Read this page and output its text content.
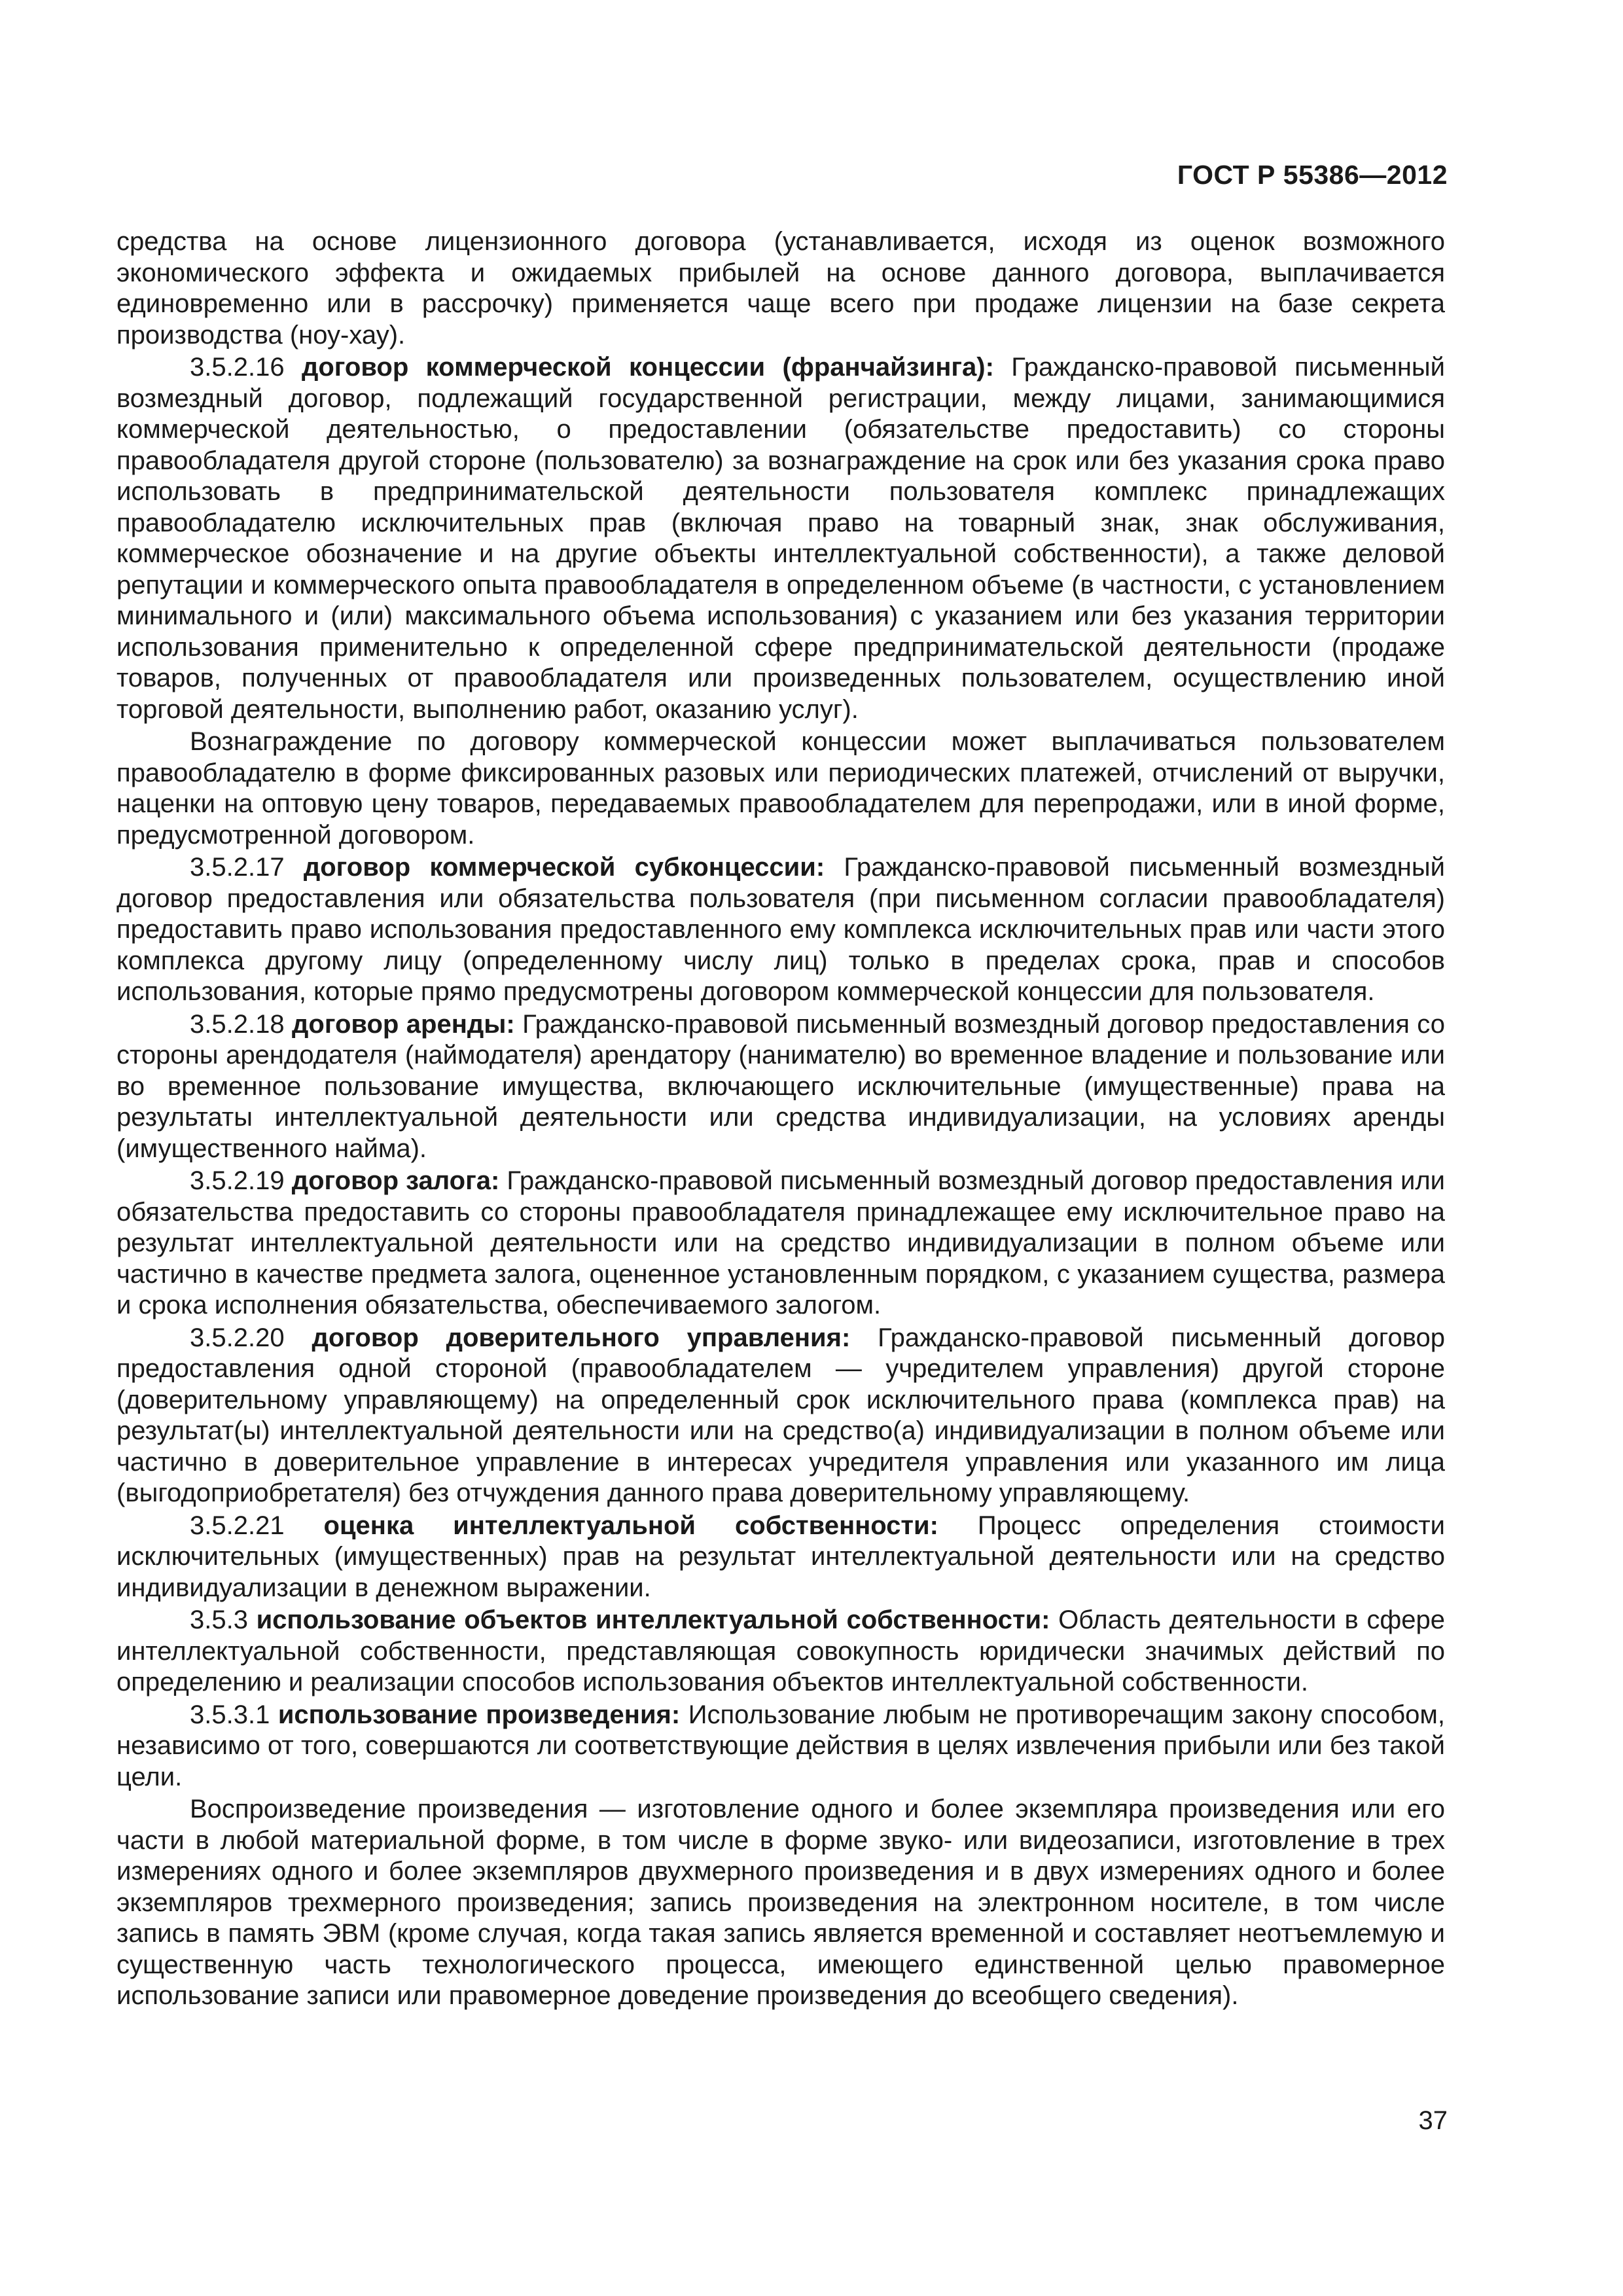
ГОСТ Р 55386—2012

средства на основе лицензионного договора (устанавливается, исходя из оценок возможного экономического эффекта и ожидаемых прибылей на основе данного договора, выплачивается единовременно или в рассрочку) применяется чаще всего при продаже лицензии на базе секрета производства (ноу-хау).

3.5.2.16 договор коммерческой концессии (франчайзинга): Гражданско-правовой письменный возмездный договор, подлежащий государственной регистрации, между лицами, занимающимися коммерческой деятельностью, о предоставлении (обязательстве предоставить) со стороны правообладателя другой стороне (пользователю) за вознаграждение на срок или без указания срока право использовать в предпринимательской деятельности пользователя комплекс принадлежащих правообладателю исключительных прав (включая право на товарный знак, знак обслуживания, коммерческое обозначение и на другие объекты интеллектуальной собственности), а также деловой репутации и коммерческого опыта правообладателя в определенном объеме (в частности, с установлением минимального и (или) максимального объема использования) с указанием или без указания территории использования применительно к определенной сфере предпринимательской деятельности (продаже товаров, полученных от правообладателя или произведенных пользователем, осуществлению иной торговой деятельности, выполнению работ, оказанию услуг).

Вознаграждение по договору коммерческой концессии может выплачиваться пользователем правообладателю в форме фиксированных разовых или периодических платежей, отчислений от выручки, наценки на оптовую цену товаров, передаваемых правообладателем для перепродажи, или в иной форме, предусмотренной договором.

3.5.2.17 договор коммерческой субконцессии: Гражданско-правовой письменный возмездный договор предоставления или обязательства пользователя (при письменном согласии правообладателя) предоставить право использования предоставленного ему комплекса исключительных прав или части этого комплекса другому лицу (определенному числу лиц) только в пределах срока, прав и способов использования, которые прямо предусмотрены договором коммерческой концессии для пользователя.

3.5.2.18 договор аренды: Гражданско-правовой письменный возмездный договор предоставления со стороны арендодателя (наймодателя) арендатору (нанимателю) во временное владение и пользование или во временное пользование имущества, включающего исключительные (имущественные) права на результаты интеллектуальной деятельности или средства индивидуализации, на условиях аренды (имущественного найма).

3.5.2.19 договор залога: Гражданско-правовой письменный возмездный договор предоставления или обязательства предоставить со стороны правообладателя принадлежащее ему исключительное право на результат интеллектуальной деятельности или на средство индивидуализации в полном объеме или частично в качестве предмета залога, оцененное установленным порядком, с указанием существа, размера и срока исполнения обязательства, обеспечиваемого залогом.

3.5.2.20 договор доверительного управления: Гражданско-правовой письменный договор предоставления одной стороной (правообладателем — учредителем управления) другой стороне (доверительному управляющему) на определенный срок исключительного права (комплекса прав) на результат(ы) интеллектуальной деятельности или на средство(а) индивидуализации в полном объеме или частично в доверительное управление в интересах учредителя управления или указанного им лица (выгодоприобретателя) без отчуждения данного права доверительному управляющему.

3.5.2.21 оценка интеллектуальной собственности: Процесс определения стоимости исключительных (имущественных) прав на результат интеллектуальной деятельности или на средство индивидуализации в денежном выражении.

3.5.3 использование объектов интеллектуальной собственности: Область деятельности в сфере интеллектуальной собственности, представляющая совокупность юридически значимых действий по определению и реализации способов использования объектов интеллектуальной собственности.

3.5.3.1 использование произведения: Использование любым не противоречащим закону способом, независимо от того, совершаются ли соответствующие действия в целях извлечения прибыли или без такой цели.

Воспроизведение произведения — изготовление одного и более экземпляра произведения или его части в любой материальной форме, в том числе в форме звуко- или видеозаписи, изготовление в трех измерениях одного и более экземпляров двухмерного произведения и в двух измерениях одного и более экземпляров трехмерного произведения; запись произведения на электронном носителе, в том числе запись в память ЭВМ (кроме случая, когда такая запись является временной и составляет неотъемлемую и существенную часть технологического процесса, имеющего единственной целью правомерное использование записи или правомерное доведение произведения до всеобщего сведения).

37
